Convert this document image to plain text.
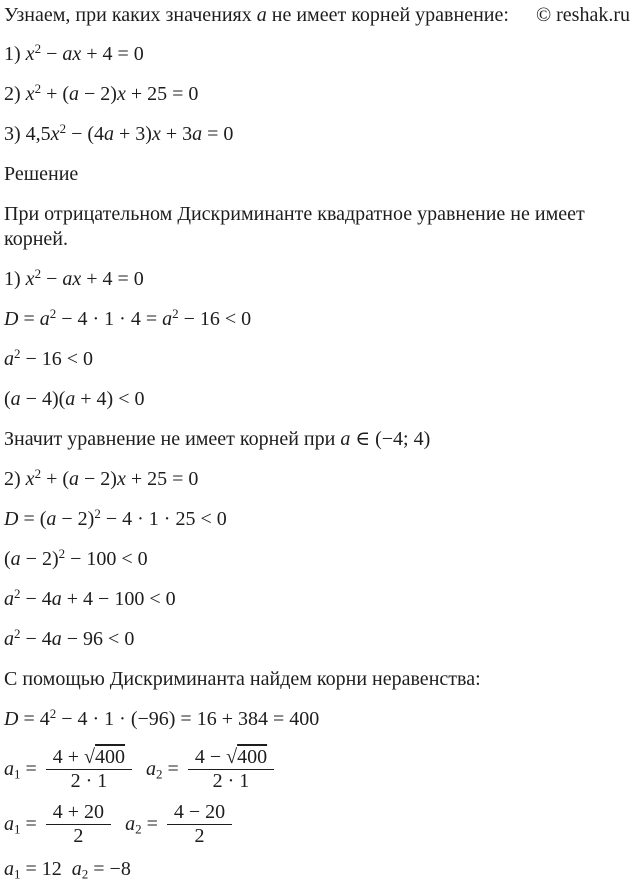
Узнаем, при каких значениях a не имеет корней уравнение: © reshak.ru
1) $x^2$ − ax + 4 = 0
2) $x^2 + (a - 2)x + 25 = 0$
3) $4,5x^2 - (4a + 3)x + 3a = 0$
Решение
При отрицательном Дискриминанте квадратное уравнение не имеет корней.
1) $x^2$ − ax + 4 = 0
$D = a^2 - 4 \cdot 1 \cdot 4 = a^2 - 16 < 0$
$a^2 - 16 < 0$
(a − 4)(a + 4) < 0
Значит уравнение не имеет корней при a ∈ (−4; 4)
2) $x^2 + (a - 2)x + 25 = 0$
$D = (a - 2)^2 - 4 \cdot 1 \cdot 25 < 0$
$(a - 2)^2 - 100 < 0$
$a^2 - 4a + 4 - 100 < 0$
$a^2 - 4a - 96 < 0$
С помощью Дискриминанта найдем корни неравенства:
$D = 4^2 - 4 \cdot 1 \cdot (-96) = 16 + 384 = 400$
$a_1 = \frac{4 + √400}{2 \cdot 1} a_2 = \frac{4 - √400}{2 \cdot 1}$
$a_1 = \frac{4 + 20}{2} a_2 = \frac{4 - 20}{2}$
$a_1 = 12$  $a_2 = -8$
